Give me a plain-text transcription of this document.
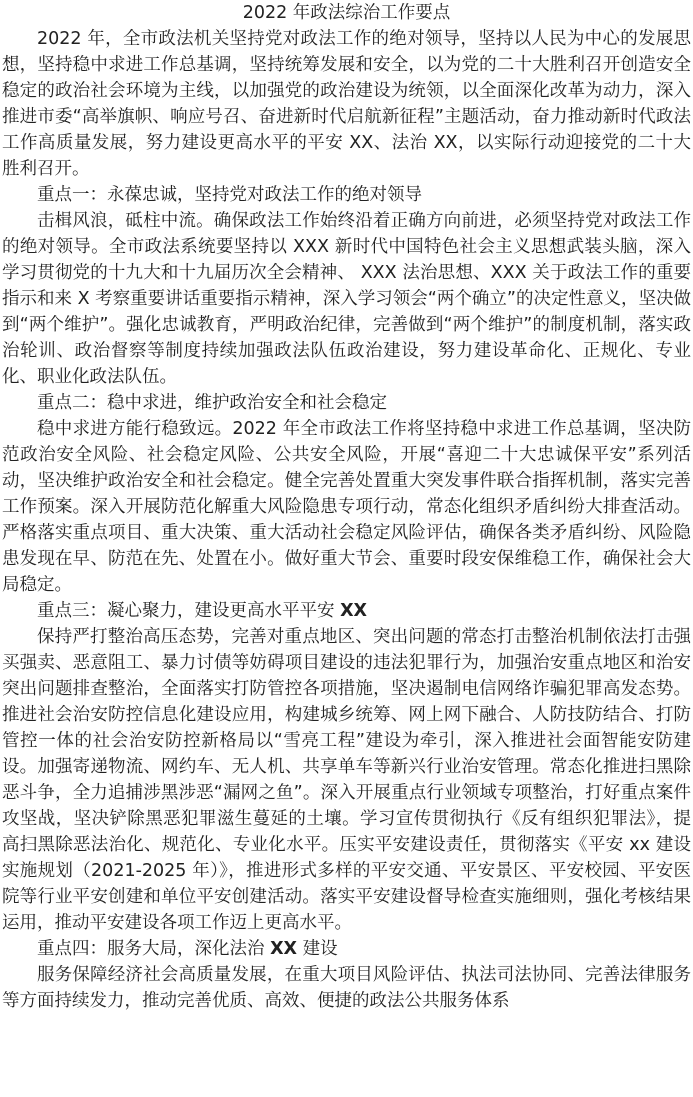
2022 年政法综治工作要点

2022 年，全市政法机关坚持党对政法工作的绝对领导，坚持以人民为中心的发展思想，坚持稳中求进工作总基调，坚持统筹发展和安全，以为党的二十大胜利召开创造安全稳定的政治社会环境为主线，以加强党的政治建设为统领，以全面深化改革为动力，深入推进市委“高举旗帜、响应号召、奋进新时代启航新征程”主题活动，奋力推动新时代政法工作高质量发展，努力建设更高水平的平安 XX、法治 XX，以实际行动迎接党的二十大胜利召开。

重点一：永葆忠诚，坚持党对政法工作的绝对领导

击楫风浪，砥柱中流。确保政法工作始终沿着正确方向前进，必须坚持党对政法工作的绝对领导。全市政法系统要坚持以 XXX 新时代中国特色社会主义思想武装头脑，深入学习贯彻党的十九大和十九届历次全会精神、 XXX 法治思想、XXX 关于政法工作的重要指示和来 X 考察重要讲话重要指示精神，深入学习领会“两个确立”的决定性意义，坚决做到“两个维护”。强化忠诚教育，严明政治纪律，完善做到“两个维护”的制度机制，落实政治轮训、政治督察等制度持续加强政法队伍政治建设，努力建设革命化、正规化、专业化、职业化政法队伍。

重点二：稳中求进，维护政治安全和社会稳定

稳中求进方能行稳致远。2022 年全市政法工作将坚持稳中求进工作总基调，坚决防范政治安全风险、社会稳定风险、公共安全风险，开展“喜迎二十大忠诚保平安”系列活动，坚决维护政治安全和社会稳定。健全完善处置重大突发事件联合指挥机制，落实完善工作预案。深入开展防范化解重大风险隐患专项行动，常态化组织矛盾纠纷大排查活动。严格落实重点项目、重大决策、重大活动社会稳定风险评估，确保各类矛盾纠纷、风险隐患发现在早、防范在先、处置在小。做好重大节会、重要时段安保维稳工作，确保社会大局稳定。

重点三：凝心聚力，建设更高水平平安 XX

保持严打整治高压态势，完善对重点地区、突出问题的常态打击整治机制依法打击强买强卖、恶意阻工、暴力讨债等妨碍项目建设的违法犯罪行为，加强治安重点地区和治安突出问题排查整治，全面落实打防管控各项措施，坚决遏制电信网络诈骗犯罪高发态势。推进社会治安防控信息化建设应用，构建城乡统筹、网上网下融合、人防技防结合、打防管控一体的社会治安防控新格局以“雪亮工程”建设为牵引，深入推进社会面智能安防建设。加强寄递物流、网约车、无人机、共享单车等新兴行业治安管理。常态化推进扫黑除恶斗争，全力追捕涉黑涉恶“漏网之鱼”。深入开展重点行业领域专项整治，打好重点案件攻坚战，坚决铲除黑恶犯罪滋生蔓延的土壤。学习宣传贯彻执行《反有组织犯罪法》，提高扫黑除恶法治化、规范化、专业化水平。压实平安建设责任，贯彻落实《平安 xx 建设实施规划（2021-2025 年）》，推进形式多样的平安交通、平安景区、平安校园、平安医院等行业平安创建和单位平安创建活动。落实平安建设督导检查实施细则，强化考核结果运用，推动平安建设各项工作迈上更高水平。

重点四：服务大局，深化法治 XX 建设

服务保障经济社会高质量发展，在重大项目风险评估、执法司法协同、完善法律服务等方面持续发力，推动完善优质、高效、便捷的政法公共服务体系
